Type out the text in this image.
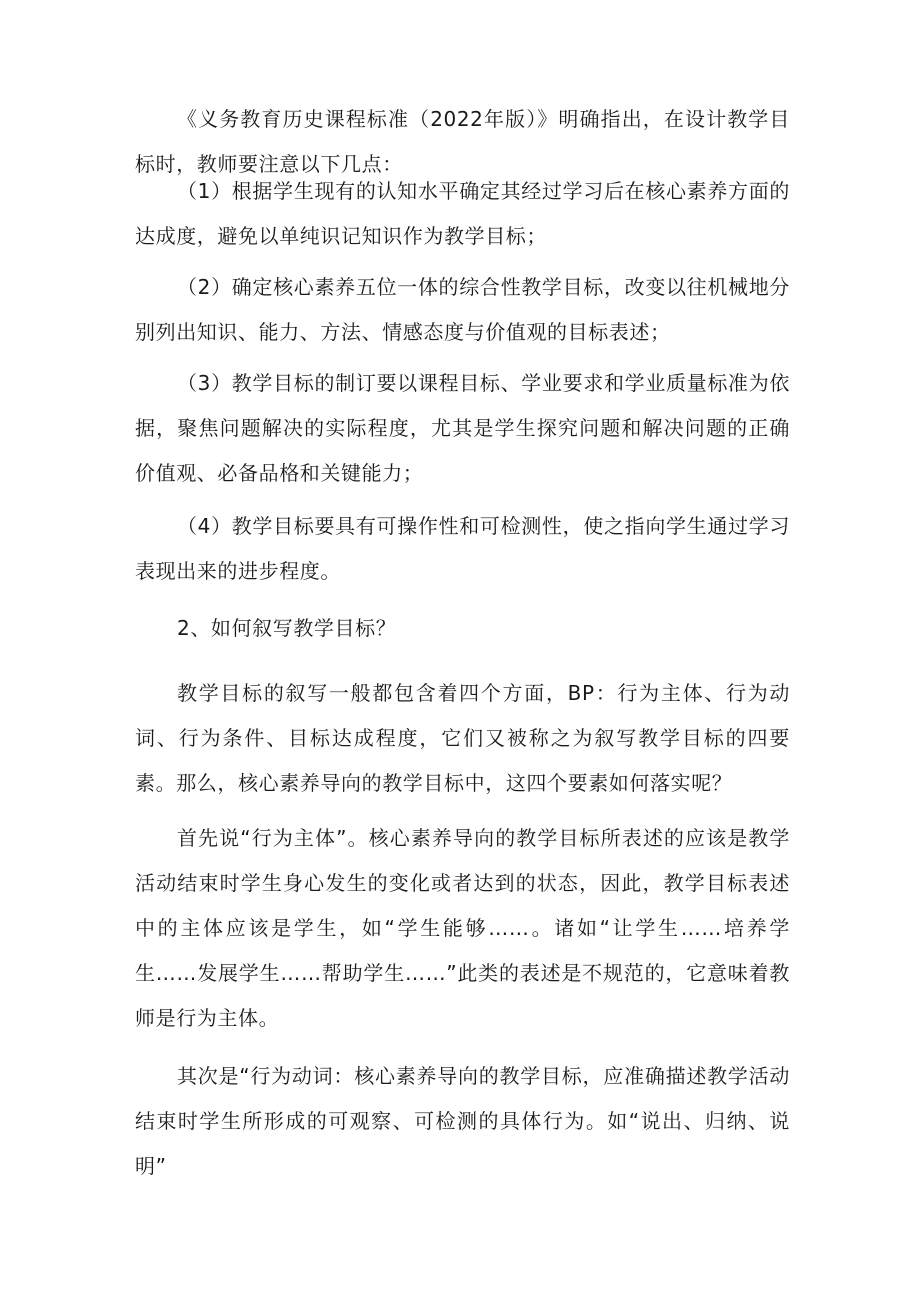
《义务教育历史课程标准（2022年版）》明确指出，在设计教学目标时，教师要注意以下几点：

（1）根据学生现有的认知水平确定其经过学习后在核心素养方面的达成度，避免以单纯识记知识作为教学目标；

（2）确定核心素养五位一体的综合性教学目标，改变以往机械地分别列出知识、能力、方法、情感态度与价值观的目标表述；

（3）教学目标的制订要以课程目标、学业要求和学业质量标准为依据，聚焦问题解决的实际程度，尤其是学生探究问题和解决问题的正确价值观、必备品格和关键能力；

（4）教学目标要具有可操作性和可检测性，使之指向学生通过学习表现出来的进步程度。

2、如何叙写教学目标？

教学目标的叙写一般都包含着四个方面，BP：行为主体、行为动词、行为条件、目标达成程度，它们又被称之为叙写教学目标的四要素。那么，核心素养导向的教学目标中，这四个要素如何落实呢？

首先说“行为主体”。核心素养导向的教学目标所表述的应该是教学活动结束时学生身心发生的变化或者达到的状态，因此，教学目标表述中的主体应该是学生，如“学生能够……。诸如“让学生……培养学生……发展学生……帮助学生……”此类的表述是不规范的，它意味着教师是行为主体。

其次是“行为动词：核心素养导向的教学目标，应准确描述教学活动结束时学生所形成的可观察、可检测的具体行为。如“说出、归纳、说明”
